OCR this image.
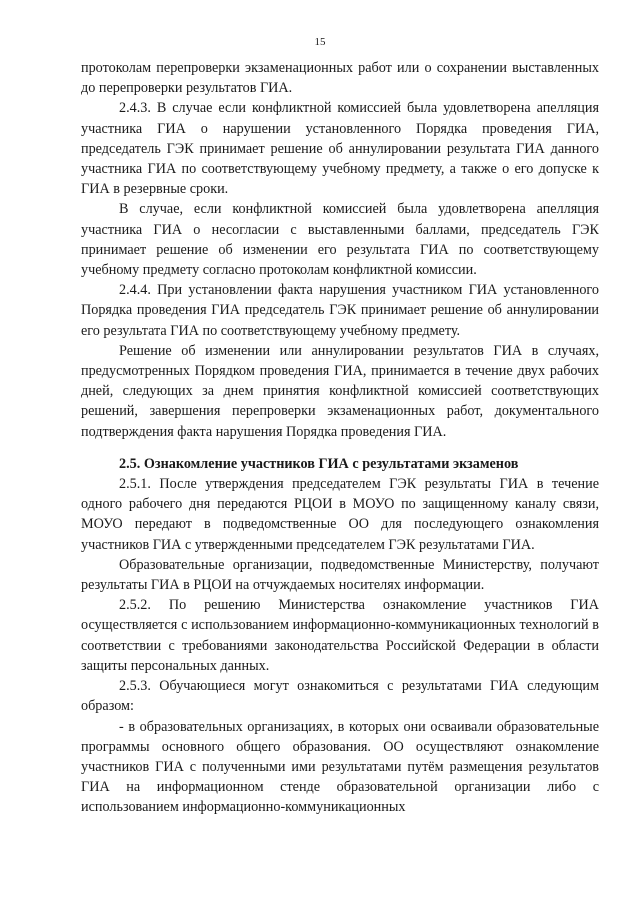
15

протоколам перепроверки экзаменационных работ или о сохранении выставленных до перепроверки результатов ГИА.

2.4.3. В случае если конфликтной комиссией была удовлетворена апелляция участника ГИА о нарушении установленного Порядка проведения ГИА, председатель ГЭК принимает решение об аннулировании результата ГИА данного участника ГИА по соответствующему учебному предмету, а также о его допуске к ГИА в резервные сроки.

В случае, если конфликтной комиссией была удовлетворена апелляция участника ГИА о несогласии с выставленными баллами, председатель ГЭК принимает решение об изменении его результата ГИА по соответствующему учебному предмету согласно протоколам конфликтной комиссии.

2.4.4. При установлении факта нарушения участником ГИА установленного Порядка проведения ГИА председатель ГЭК принимает решение об аннулировании его результата ГИА по соответствующему учебному предмету.

Решение об изменении или аннулировании результатов ГИА в случаях, предусмотренных Порядком проведения ГИА, принимается в течение двух рабочих дней, следующих за днем принятия конфликтной комиссией соответствующих решений, завершения перепроверки экзаменационных работ, документального подтверждения факта нарушения Порядка проведения ГИА.

2.5. Ознакомление участников ГИА с результатами экзаменов

2.5.1. После утверждения председателем ГЭК результаты ГИА в течение одного рабочего дня передаются РЦОИ в МОУО по защищенному каналу связи, МОУО передают в подведомственные ОО для последующего ознакомления участников ГИА с утвержденными председателем ГЭК результатами ГИА.

Образовательные организации, подведомственные Министерству, получают результаты ГИА в РЦОИ на отчуждаемых носителях информации.

2.5.2. По решению Министерства ознакомление участников ГИА осуществляется с использованием информационно-коммуникационных технологий в соответствии с требованиями законодательства Российской Федерации в области защиты персональных данных.

2.5.3. Обучающиеся могут ознакомиться с результатами ГИА следующим образом:

- в образовательных организациях, в которых они осваивали образовательные программы основного общего образования. ОО осуществляют ознакомление участников ГИА с полученными ими результатами путём размещения результатов ГИА на информационном стенде образовательной организации либо с использованием информационно-коммуникационных
